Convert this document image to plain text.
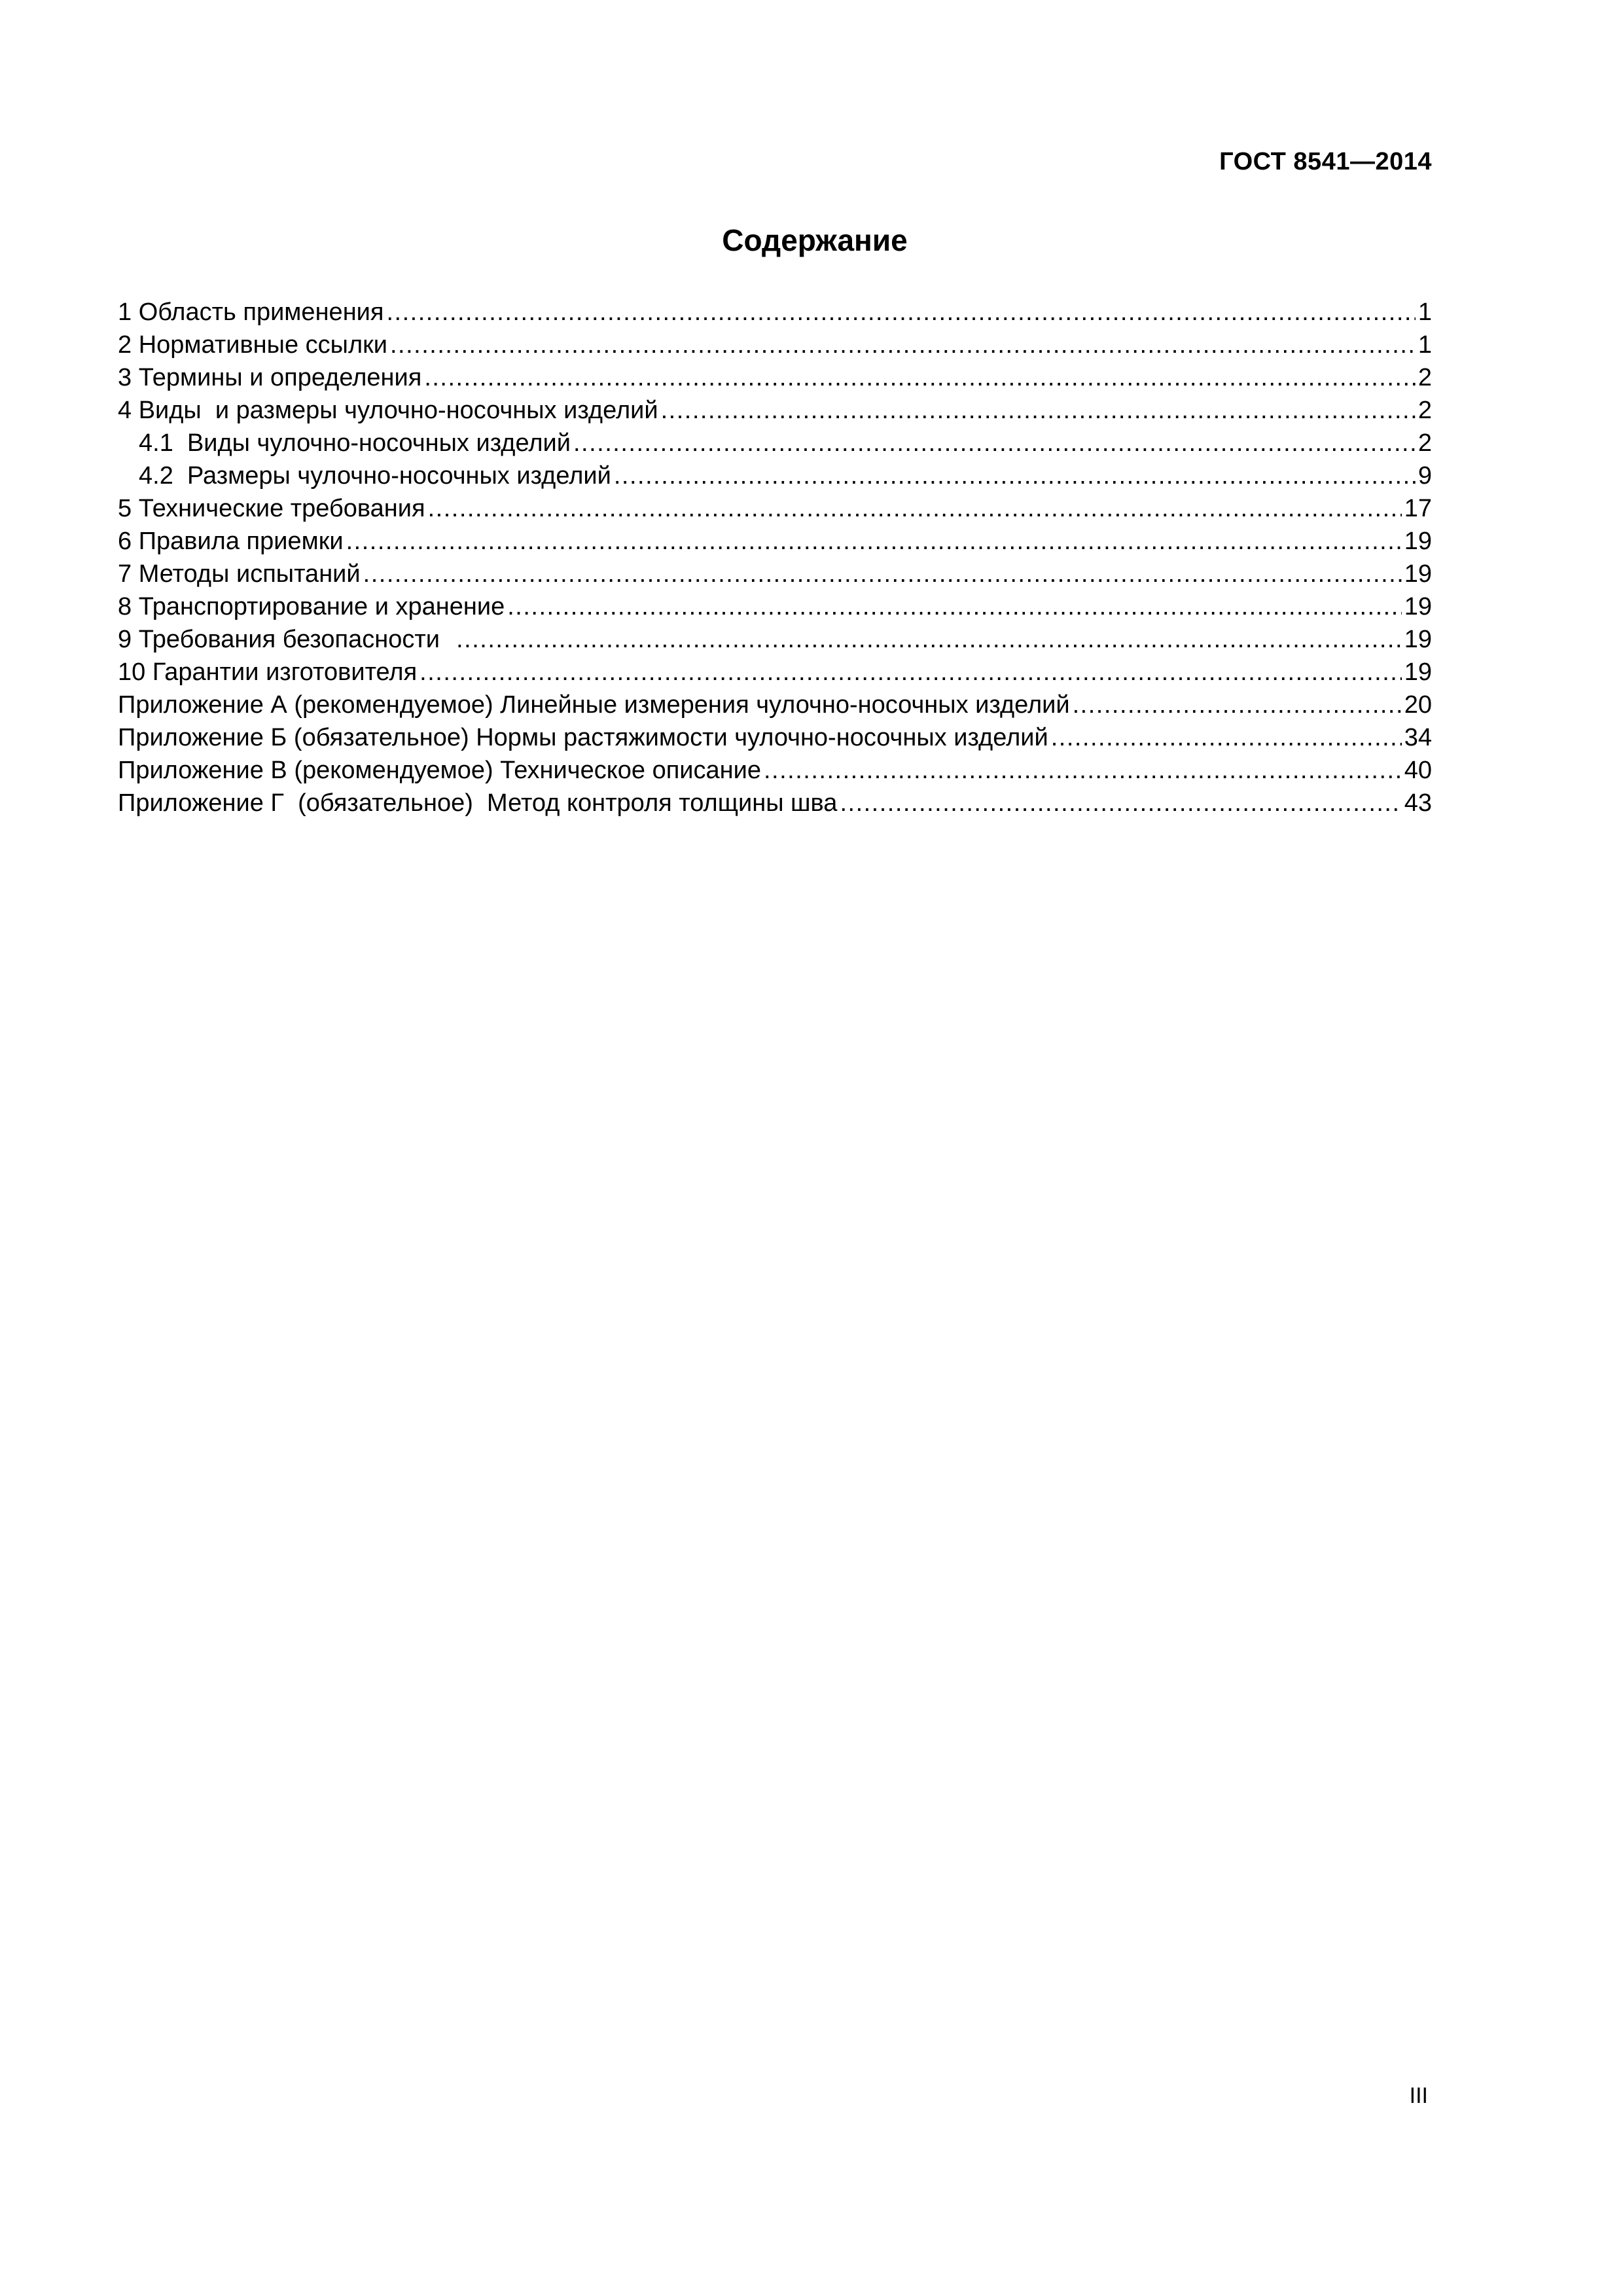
ГОСТ 8541—2014
Содержание
1 Область применения .....	1
2 Нормативные ссылки .....	1
3 Термины и определения .....	2
4 Виды  и размеры чулочно-носочных изделий .....	2
4.1  Виды чулочно-носочных изделий .....	2
4.2  Размеры чулочно-носочных изделий .....	9
5 Технические требования .....	17
6 Правила приемки .....	19
7 Методы испытаний .....	19
8 Транспортирование и хранение .....	19
9 Требования безопасности .....	19
10 Гарантии изготовителя .....	19
Приложение А (рекомендуемое) Линейные измерения чулочно-носочных изделий .....	20
Приложение Б (обязательное) Нормы растяжимости чулочно-носочных изделий .....	34
Приложение В (рекомендуемое) Техническое описание .....	40
Приложение Г  (обязательное)  Метод контроля толщины шва .....	43
III
